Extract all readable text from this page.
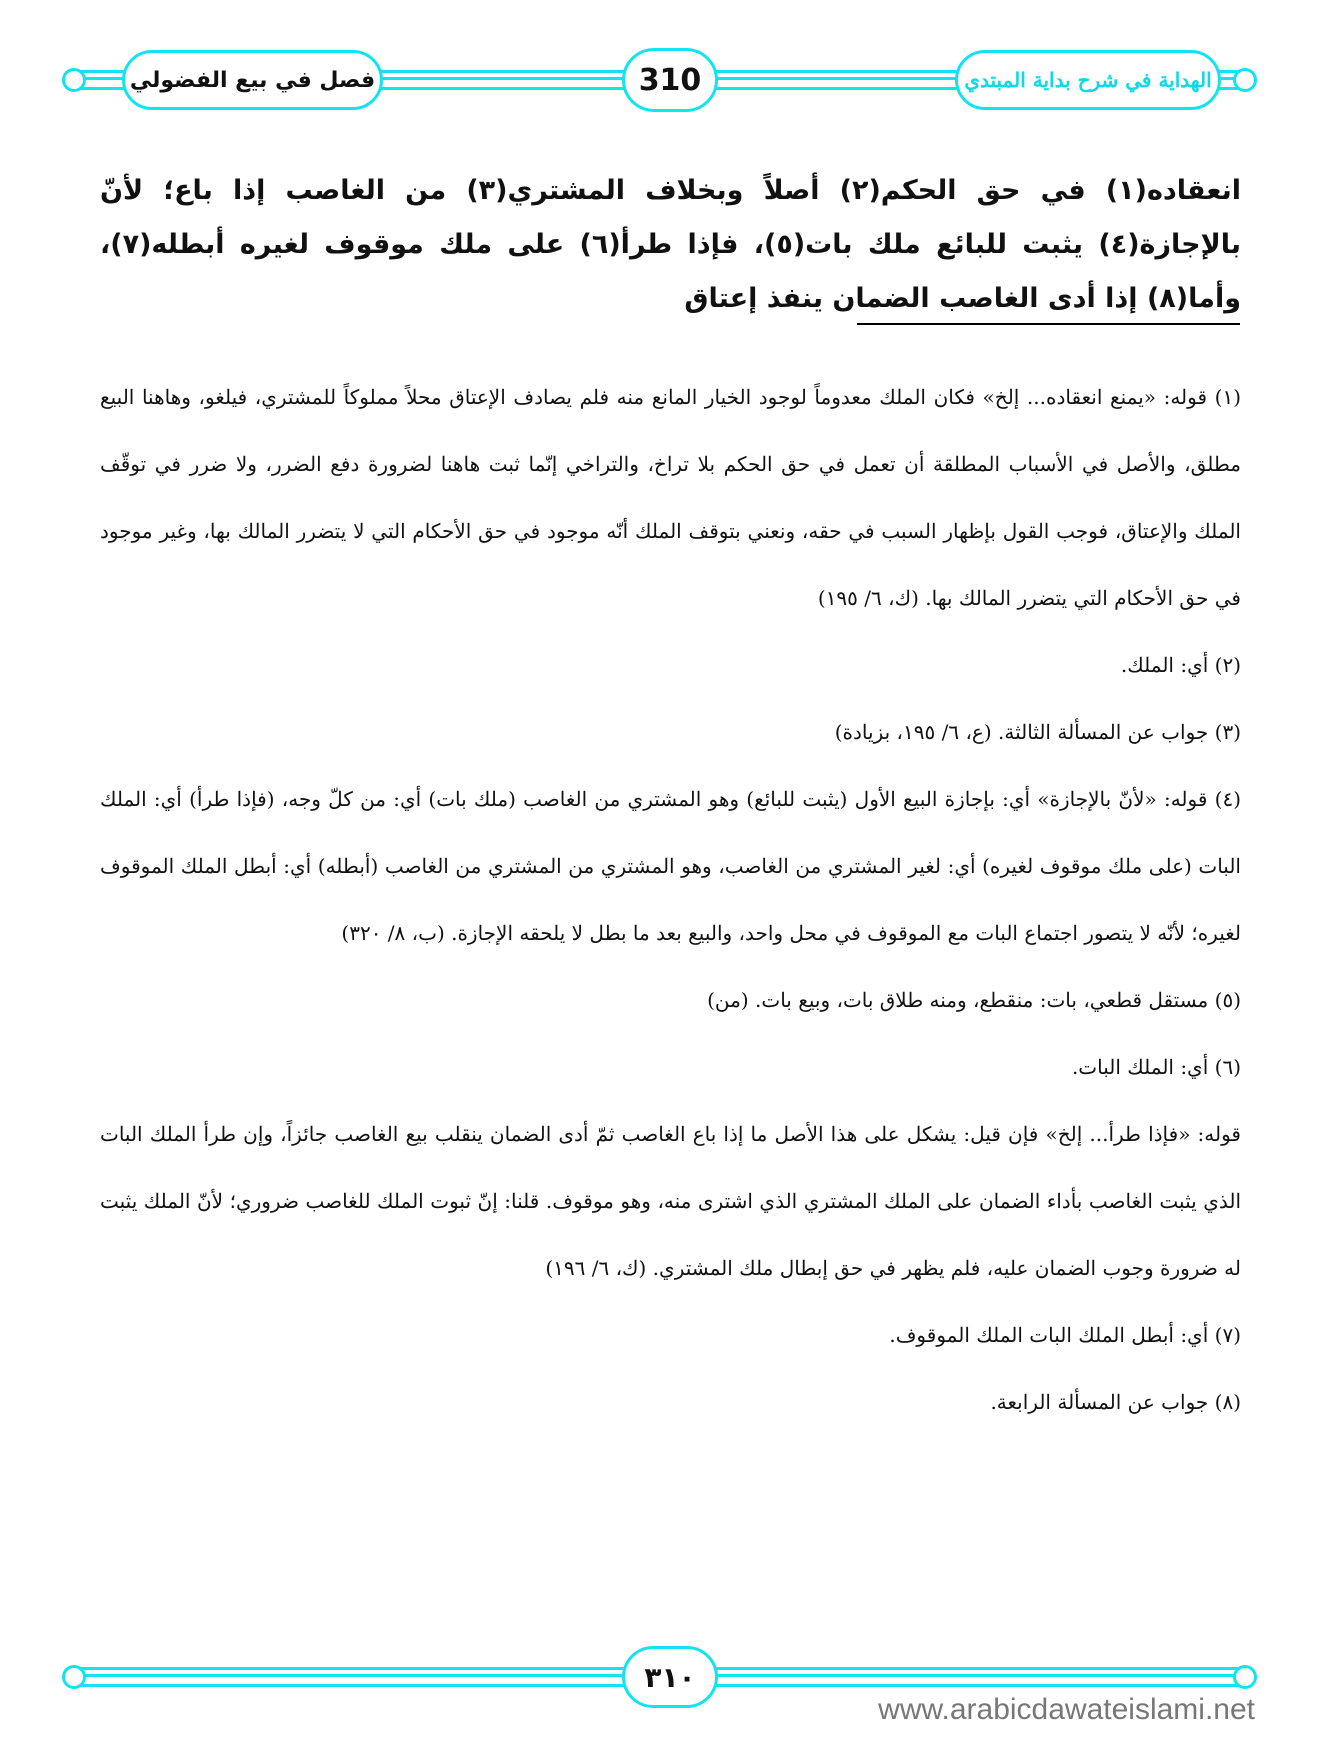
فصل في بيع الفضولي	310	الهداية في شرح بداية المبتدي
انعقاده(١) في حق الحكم(٢) أصلاً وبخلاف المشتري(٣) من الغاصب إذا باع؛ لأنّ بالإجازة(٤) يثبت للبائع ملك بات(٥)، فإذا طرأ(٦) على ملك موقوف لغيره أبطله(٧)، وأما(٨) إذا أدى الغاصب الضمان ينفذ إعتاق

(١) قوله: «يمنع انعقاده... إلخ» فكان الملك معدوماً لوجود الخيار المانع منه فلم يصادف الإعتاق محلاً مملوكاً للمشتري، فيلغو، وهاهنا البيع مطلق، والأصل في الأسباب المطلقة أن تعمل في حق الحكم بلا تراخ، والتراخي إنّما ثبت هاهنا لضرورة دفع الضرر، ولا ضرر في توقّف الملك والإعتاق، فوجب القول بإظهار السبب في حقه، ونعني بتوقف الملك أنّه موجود في حق الأحكام التي لا يتضرر المالك بها، وغير موجود في حق الأحكام التي يتضرر المالك بها. (ك، ٦/ ١٩٥)

(٢) أي: الملك.

(٣) جواب عن المسألة الثالثة. (ع، ٦/ ١٩٥، بزيادة)

(٤) قوله: «لأنّ بالإجازة» أي: بإجازة البيع الأول (يثبت للبائع) وهو المشتري من الغاصب (ملك بات) أي: من كلّ وجه، (فإذا طرأ) أي: الملك البات (على ملك موقوف لغيره) أي: لغير المشتري من الغاصب، وهو المشتري من المشتري من الغاصب (أبطله) أي: أبطل الملك الموقوف لغيره؛ لأنّه لا يتصور اجتماع البات مع الموقوف في محل واحد، والبيع بعد ما بطل لا يلحقه الإجازة. (ب، ٨/ ٣٢٠)

(٥) مستقل قطعي، بات: منقطع، ومنه طلاق بات، وبيع بات. (من)

(٦) أي: الملك البات.

قوله: «فإذا طرأ... إلخ» فإن قيل: يشكل على هذا الأصل ما إذا باع الغاصب ثمّ أدى الضمان ينقلب بيع الغاصب جائزاً، وإن طرأ الملك البات الذي يثبت الغاصب بأداء الضمان على الملك المشتري الذي اشترى منه، وهو موقوف. قلنا: إنّ ثبوت الملك للغاصب ضروري؛ لأنّ الملك يثبت له ضرورة وجوب الضمان عليه، فلم يظهر في حق إبطال ملك المشتري. (ك، ٦/ ١٩٦)

(٧) أي: أبطل الملك البات الملك الموقوف.

(٨) جواب عن المسألة الرابعة.

٣١٠
www.arabicdawateislami.net
